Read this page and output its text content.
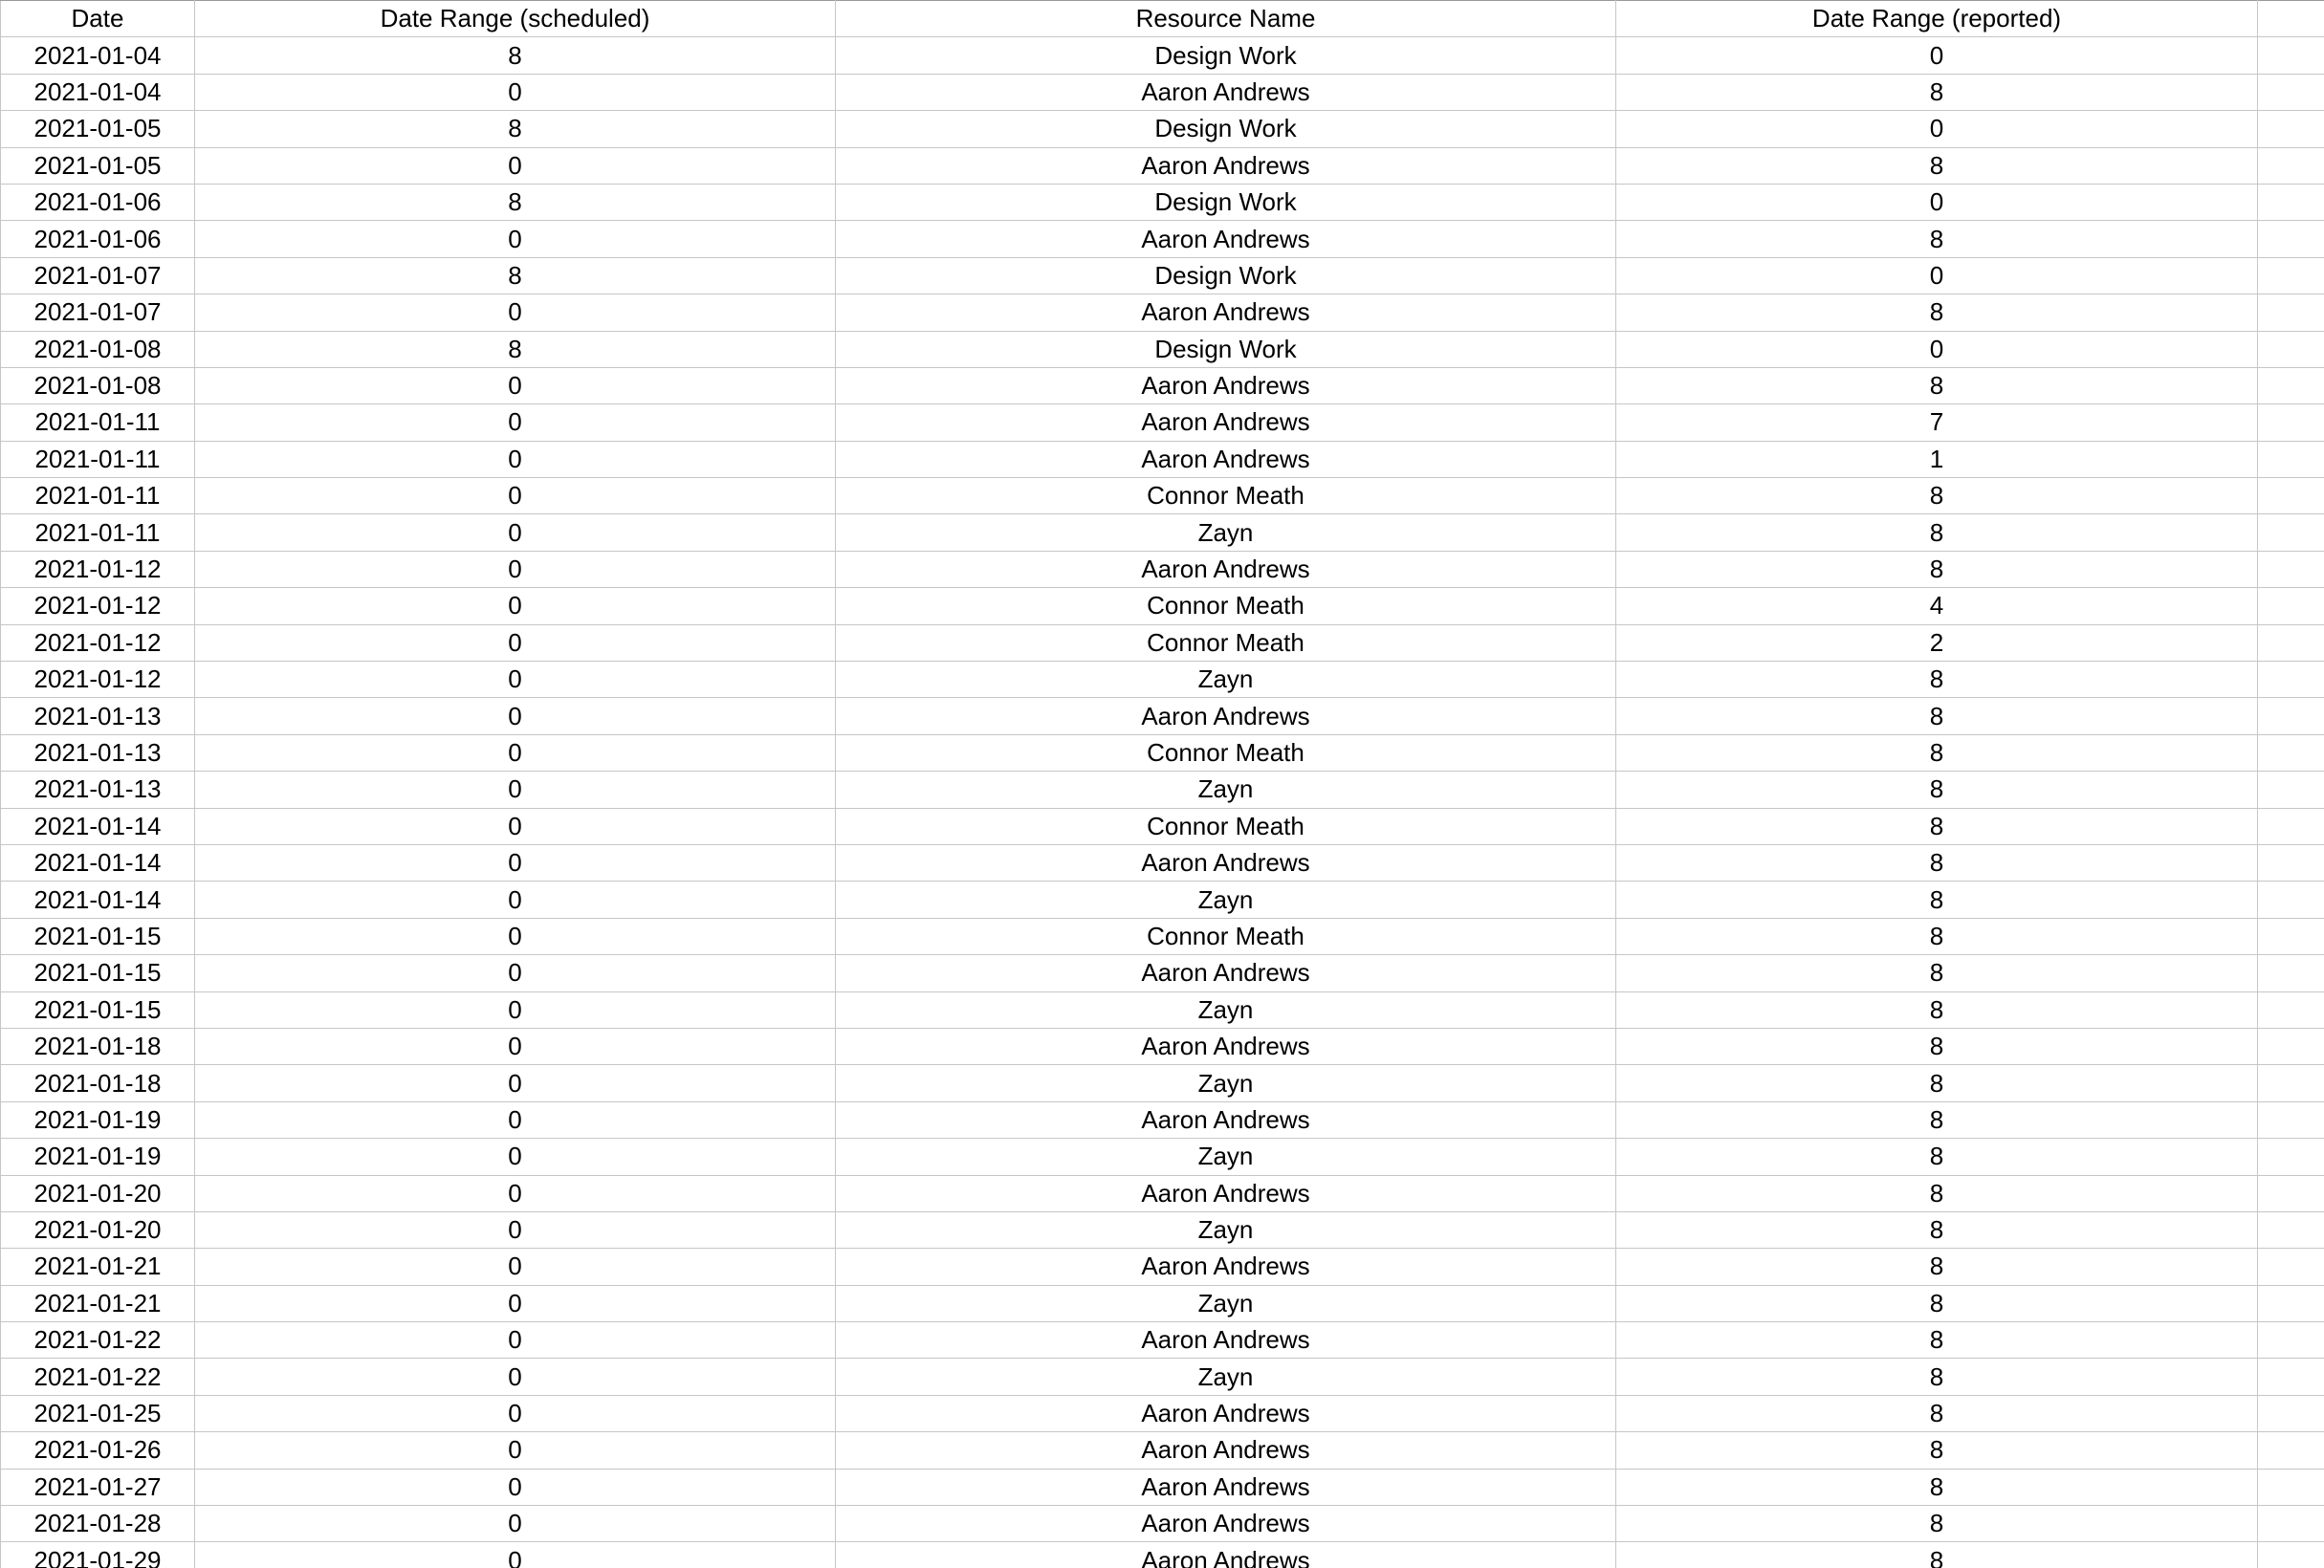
Date	Date Range (scheduled)	Resource Name	Date Range (reported)	
2021-01-04	8	Design Work	0	
2021-01-04	0	Aaron Andrews	8	
2021-01-05	8	Design Work	0	
2021-01-05	0	Aaron Andrews	8	
2021-01-06	8	Design Work	0	
2021-01-06	0	Aaron Andrews	8	
2021-01-07	8	Design Work	0	
2021-01-07	0	Aaron Andrews	8	
2021-01-08	8	Design Work	0	
2021-01-08	0	Aaron Andrews	8	
2021-01-11	0	Aaron Andrews	7	
2021-01-11	0	Aaron Andrews	1	
2021-01-11	0	Connor Meath	8	
2021-01-11	0	Zayn	8	
2021-01-12	0	Aaron Andrews	8	
2021-01-12	0	Connor Meath	4	
2021-01-12	0	Connor Meath	2	
2021-01-12	0	Zayn	8	
2021-01-13	0	Aaron Andrews	8	
2021-01-13	0	Connor Meath	8	
2021-01-13	0	Zayn	8	
2021-01-14	0	Connor Meath	8	
2021-01-14	0	Aaron Andrews	8	
2021-01-14	0	Zayn	8	
2021-01-15	0	Connor Meath	8	
2021-01-15	0	Aaron Andrews	8	
2021-01-15	0	Zayn	8	
2021-01-18	0	Aaron Andrews	8	
2021-01-18	0	Zayn	8	
2021-01-19	0	Aaron Andrews	8	
2021-01-19	0	Zayn	8	
2021-01-20	0	Aaron Andrews	8	
2021-01-20	0	Zayn	8	
2021-01-21	0	Aaron Andrews	8	
2021-01-21	0	Zayn	8	
2021-01-22	0	Aaron Andrews	8	
2021-01-22	0	Zayn	8	
2021-01-25	0	Aaron Andrews	8	
2021-01-26	0	Aaron Andrews	8	
2021-01-27	0	Aaron Andrews	8	
2021-01-28	0	Aaron Andrews	8	
2021-01-29	0	Aaron Andrews	8	
